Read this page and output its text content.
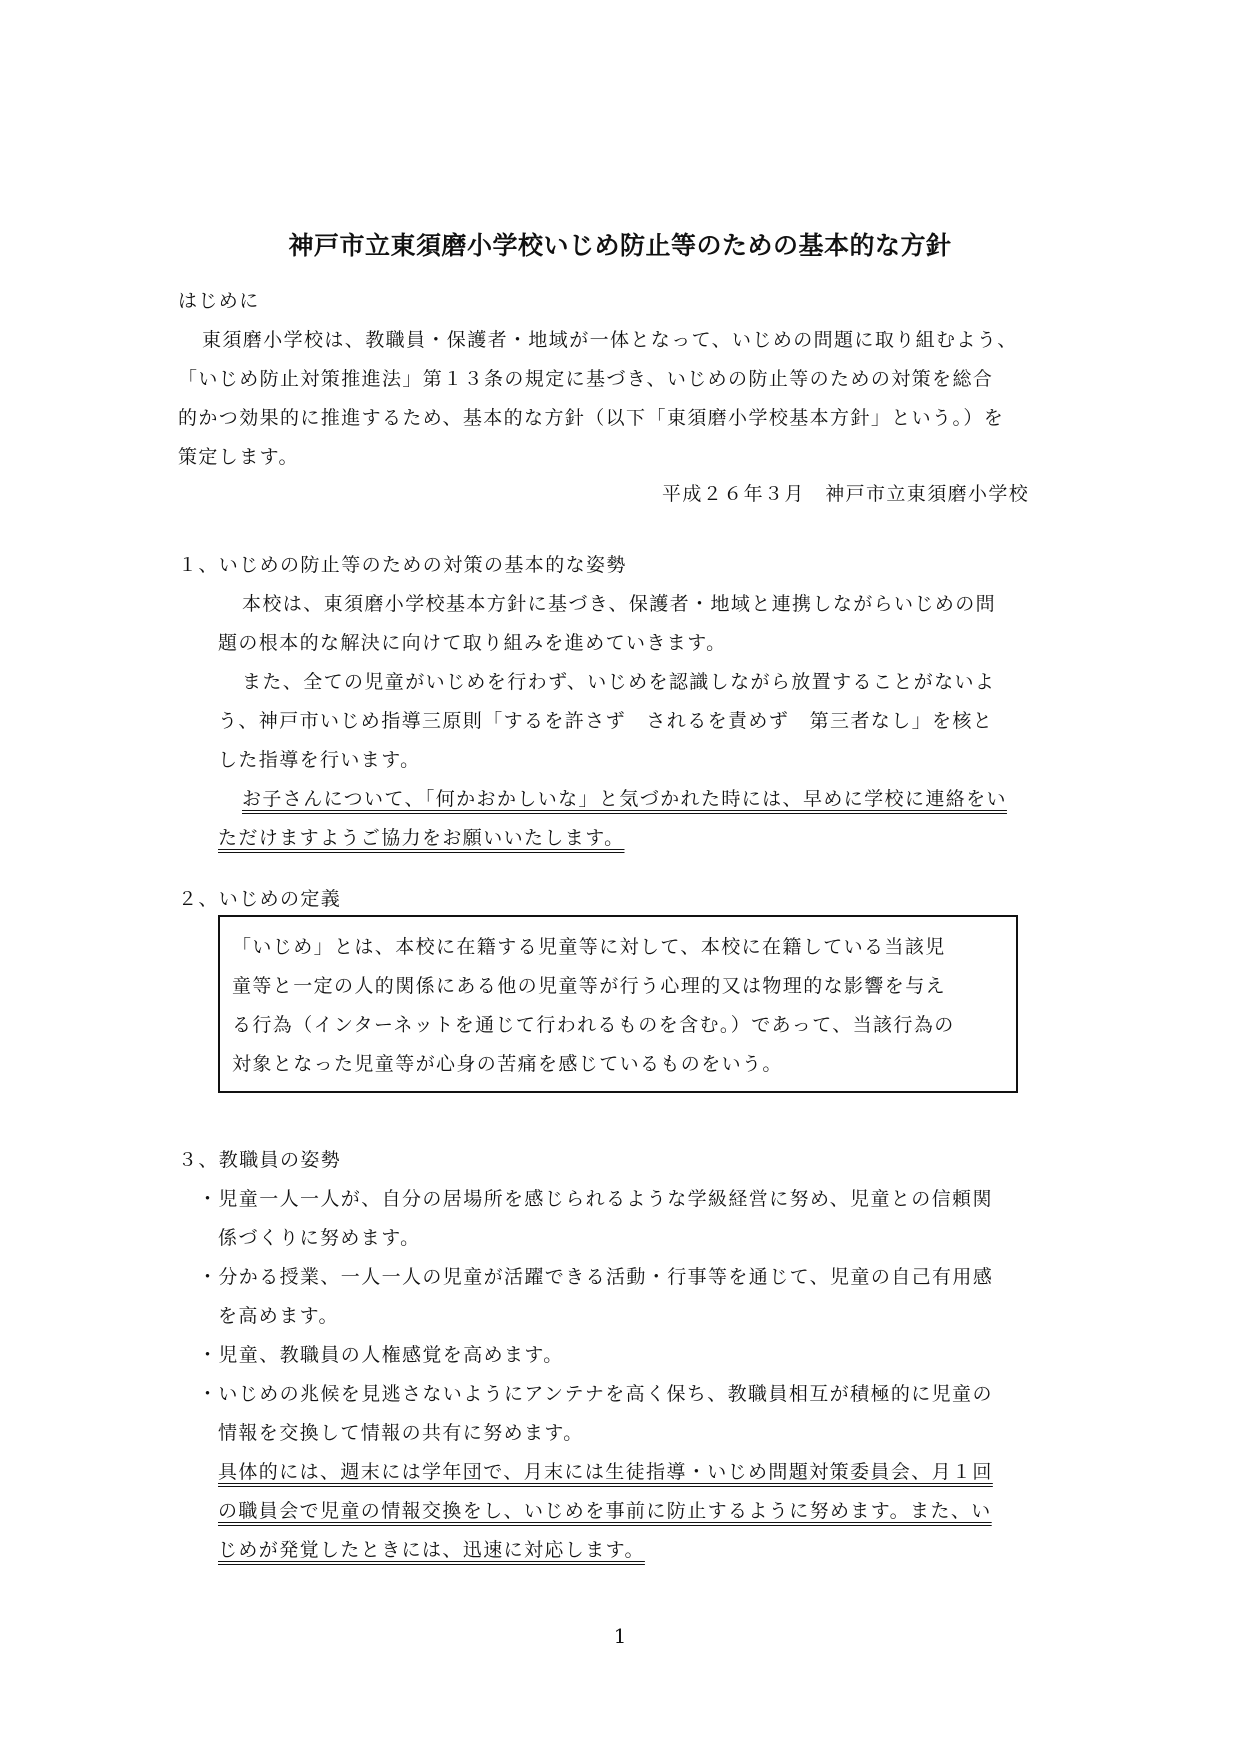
神戸市立東須磨小学校いじめ防止等のための基本的な方針
はじめに
東須磨小学校は、教職員・保護者・地域が一体となって、いじめの問題に取り組むよう、
「いじめ防止対策推進法」第１３条の規定に基づき、いじめの防止等のための対策を総合
的かつ効果的に推進するため、基本的な方針（以下「東須磨小学校基本方針」という。）を
策定します。
平成２６年３月　神戸市立東須磨小学校
１、いじめの防止等のための対策の基本的な姿勢
本校は、東須磨小学校基本方針に基づき、保護者・地域と連携しながらいじめの問
題の根本的な解決に向けて取り組みを進めていきます。
また、全ての児童がいじめを行わず、いじめを認識しながら放置することがないよ
う、神戸市いじめ指導三原則「するを許さず　されるを責めず　第三者なし」を核と
した指導を行います。
お子さんについて、「何かおかしいな」と気づかれた時には、早めに学校に連絡をい
ただけますようご協力をお願いいたします。
２、いじめの定義
「いじめ」とは、本校に在籍する児童等に対して、本校に在籍している当該児
童等と一定の人的関係にある他の児童等が行う心理的又は物理的な影響を与え
る行為（インターネットを通じて行われるものを含む。）であって、当該行為の
対象となった児童等が心身の苦痛を感じているものをいう。
３、教職員の姿勢
・児童一人一人が、自分の居場所を感じられるような学級経営に努め、児童との信頼関
係づくりに努めます。
・分かる授業、一人一人の児童が活躍できる活動・行事等を通じて、児童の自己有用感
を高めます。
・児童、教職員の人権感覚を高めます。
・いじめの兆候を見逃さないようにアンテナを高く保ち、教職員相互が積極的に児童の
情報を交換して情報の共有に努めます。
具体的には、週末には学年団で、月末には生徒指導・いじめ問題対策委員会、月１回
の職員会で児童の情報交換をし、いじめを事前に防止するように努めます。また、い
じめが発覚したときには、迅速に対応します。
1
